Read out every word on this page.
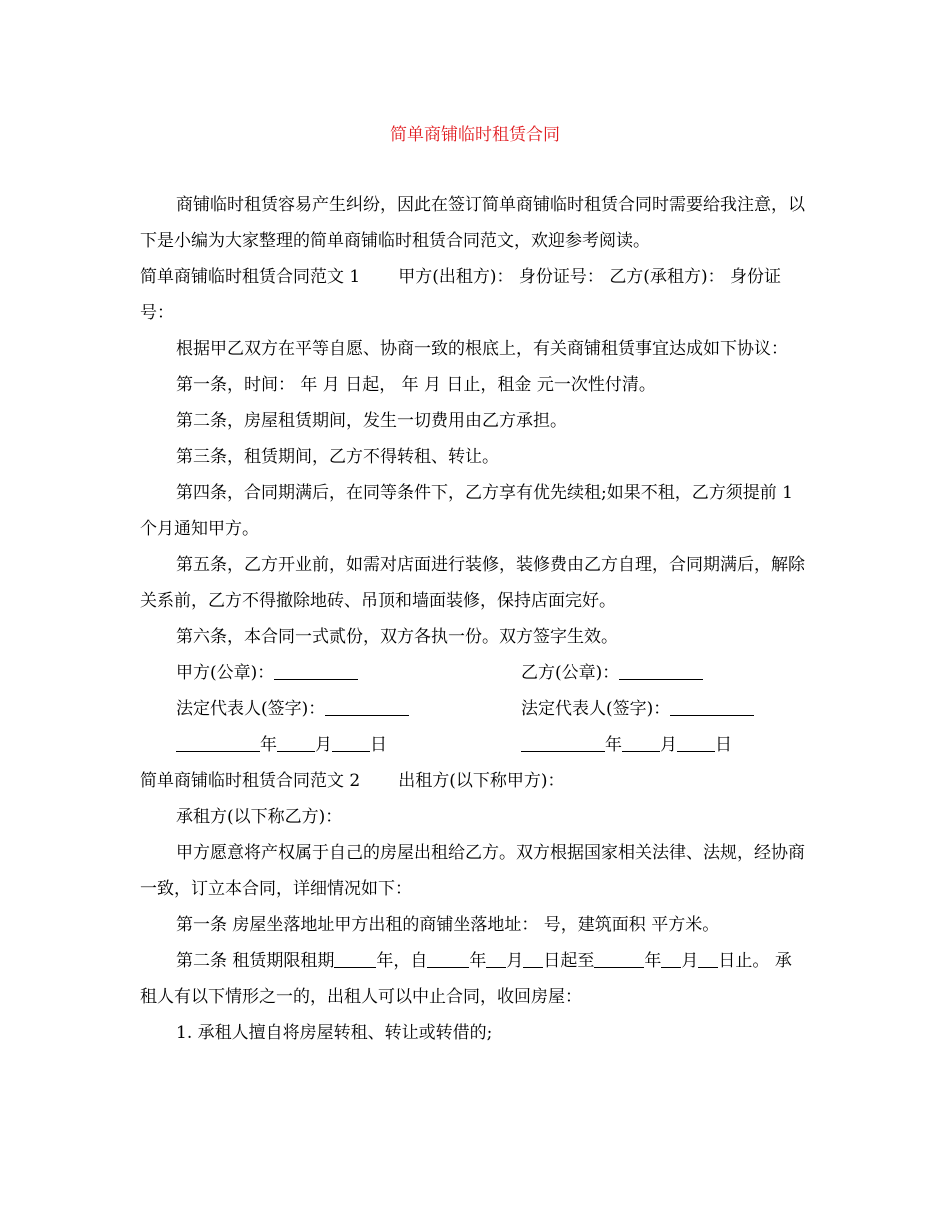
简单商铺临时租赁合同

商铺临时租赁容易产生纠纷，因此在签订简单商铺临时租赁合同时需要给我注意，以下是小编为大家整理的简单商铺临时租赁合同范文，欢迎参考阅读。

简单商铺临时租赁合同范文 1 甲方(出租方)： 身份证号： 乙方(承租方)： 身份证号：

根据甲乙双方在平等自愿、协商一致的根底上，有关商铺租赁事宜达成如下协议：

第一条，时间： 年 月 日起， 年 月 日止，租金 元一次性付清。

第二条，房屋租赁期间，发生一切费用由乙方承担。

第三条，租赁期间，乙方不得转租、转让。

第四条，合同期满后，在同等条件下，乙方享有优先续租;如果不租，乙方须提前 1 个月通知甲方。

第五条，乙方开业前，如需对店面进行装修，装修费由乙方自理，合同期满后，解除关系前，乙方不得撤除地砖、吊顶和墙面装修，保持店面完好。

第六条，本合同一式贰份，双方各执一份。双方签字生效。

甲方(公章)：	乙方(公章)：
法定代表人(签字)：	法定代表人(签字)：
年 月 日	年 月 日

简单商铺临时租赁合同范文 2 出租方(以下称甲方)：

承租方(以下称乙方)：

甲方愿意将产权属于自己的房屋出租给乙方。双方根据国家相关法律、法规，经协商一致，订立本合同，详细情况如下：

第一条 房屋坐落地址甲方出租的商铺坐落地址： 号，建筑面积 平方米。

第二条 租赁期限租期 年，自 年 月 日起至	年 月 日止。 承租人有以下情形之一的，出租人可以中止合同，收回房屋：

1. 承租人擅自将房屋转租、转让或转借的;
